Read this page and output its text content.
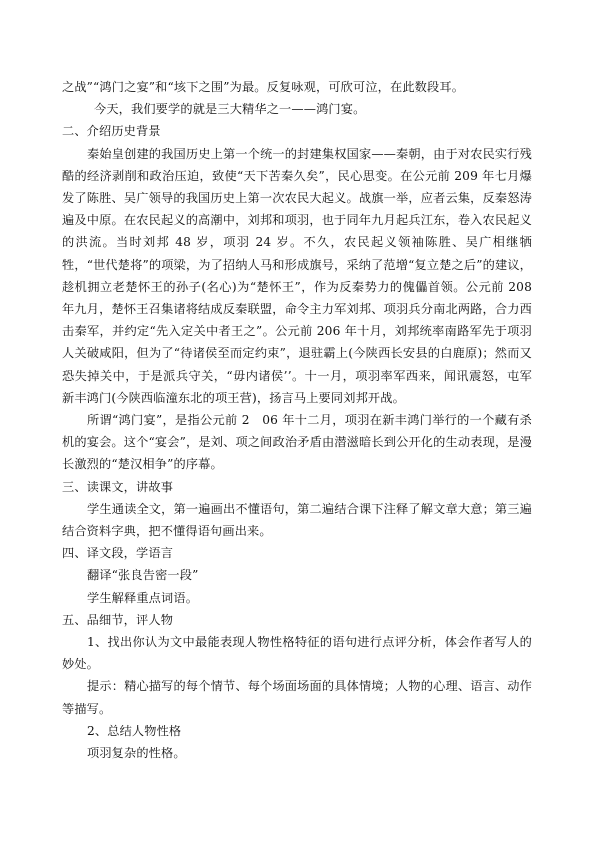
之战”“鸿门之宴”和“垓下之围”为最。反复咏观，可欣可泣，在此数段耳。

今天，我们要学的就是三大精华之一——鸿门宴。

二、介绍历史背景

秦始皇创建的我国历史上第一个统一的封建集权国家——秦朝，由于对农民实行残酷的经济剥削和政治压迫，致使“天下苦秦久矣”，民心思变。在公元前 209 年七月爆发了陈胜、吴广领导的我国历史上第一次农民大起义。战旗一举，应者云集，反秦怒涛遍及中原。在农民起义的高潮中，刘邦和项羽，也于同年九月起兵江东，卷入农民起义的洪流。当时刘邦 48 岁，项羽 24 岁。不久，农民起义领袖陈胜、吴广相继牺牲，“世代楚将”的项梁，为了招纳人马和形成旗号，采纳了范增“复立楚之后”的建议，趁机拥立老楚怀王的孙子(名心)为“楚怀王”，作为反秦势力的傀儡首领。公元前 208 年九月，楚怀王召集诸将结成反秦联盟，命令主力军刘邦、项羽兵分南北两路，合力西击秦军，并约定“先入定关中者王之”。公元前 206 年十月，刘邦统率南路军先于项羽人关破咸阳，但为了“待诸侯至而定约束”，退驻霸上(今陕西长安县的白鹿原)；然而又恐失掉关中，于是派兵守关，“毋内诸侯’’。十一月，项羽率军西来，闻讯震怒，屯军新丰鸿门(今陕西临潼东北的项王营)，扬言马上要同刘邦开战。

所谓“鸿门宴”，是指公元前 2　06 年十二月，项羽在新丰鸿门举行的一个藏有杀机的宴会。这个“宴会”，是刘、项之间政治矛盾由潜滋暗长到公开化的生动表现，是漫长激烈的“楚汉相争”的序幕。

三、读课文，讲故事

学生通读全文，第一遍画出不懂语句，第二遍结合课下注释了解文章大意；第三遍结合资料字典，把不懂得语句画出来。

四、译文段，学语言

翻译“张良告密一段”

学生解释重点词语。

五、品细节，评人物

1、找出你认为文中最能表现人物性格特征的语句进行点评分析，体会作者写人的妙处。

提示：精心描写的每个情节、每个场面场面的具体情境；人物的心理、语言、动作等描写。

2、总结人物性格

项羽复杂的性格。
